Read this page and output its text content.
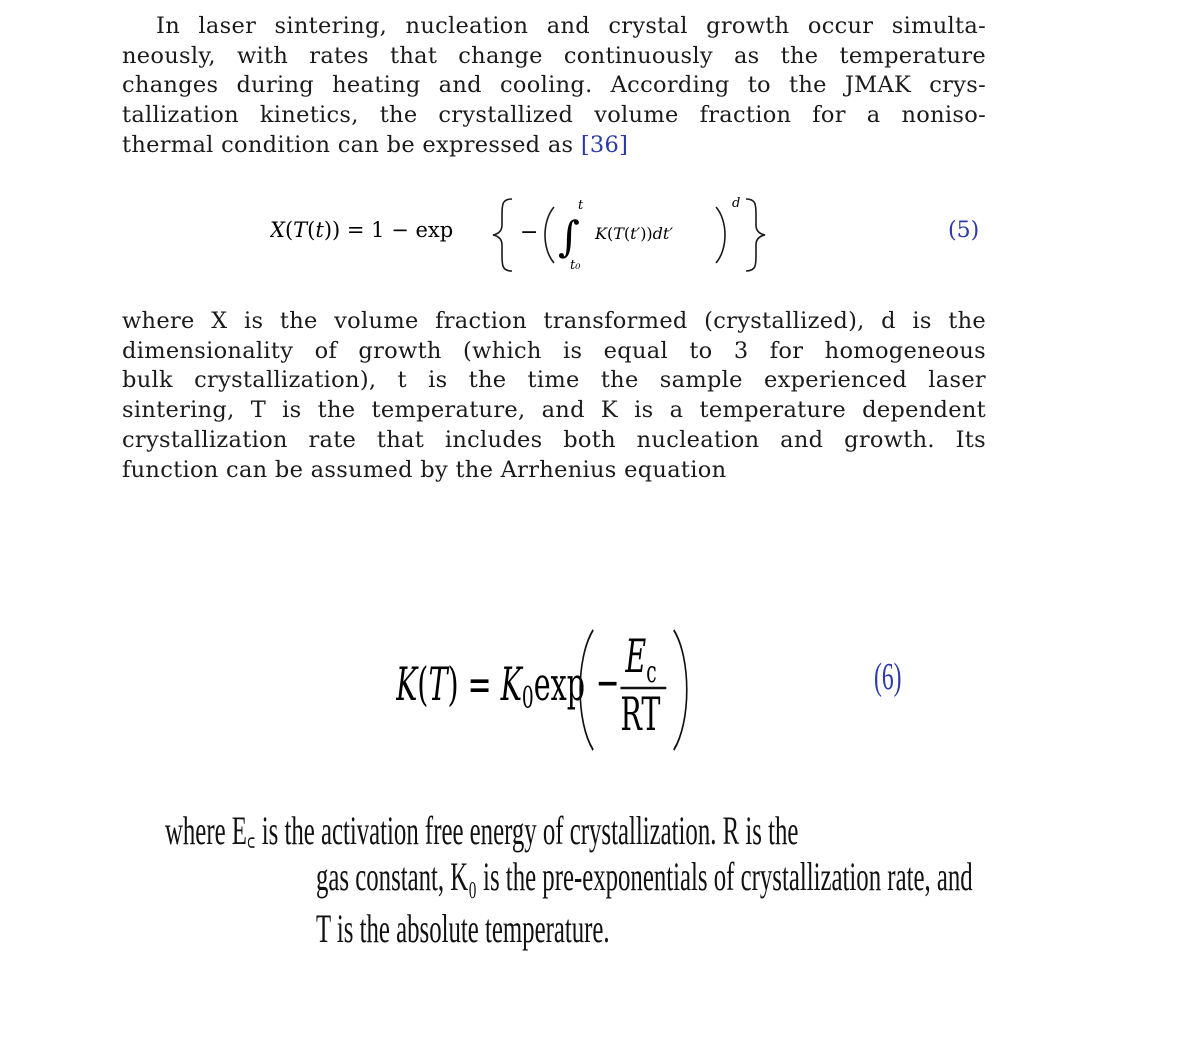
In laser sintering, nucleation and crystal growth occur simulta-
neously, with rates that change continuously as the temperature
changes during heating and cooling. According to the JMAK crys-
tallization kinetics, the crystallized volume fraction for a noniso-
thermal condition can be expressed as [36]
X(T(t)) = 1 − exp	− ∫
t
t₀
K(T(t′))dt′
d
(5)
where X is the volume fraction transformed (crystallized), d is the
dimensionality of growth (which is equal to 3 for homogeneous
bulk crystallization), t is the time the sample experienced laser
sintering, T is the temperature, and K is a temperature dependent
crystallization rate that includes both nucleation and growth. Its
function can be assumed by the Arrhenius equation
$K(T) = K0\exp - E_c$
RT
(6)
where E꜀ is the activation free energy of crystallization. R is the
gas constant, K₀ is the pre-exponentials of crystallization rate, and
T is the absolute temperature.
